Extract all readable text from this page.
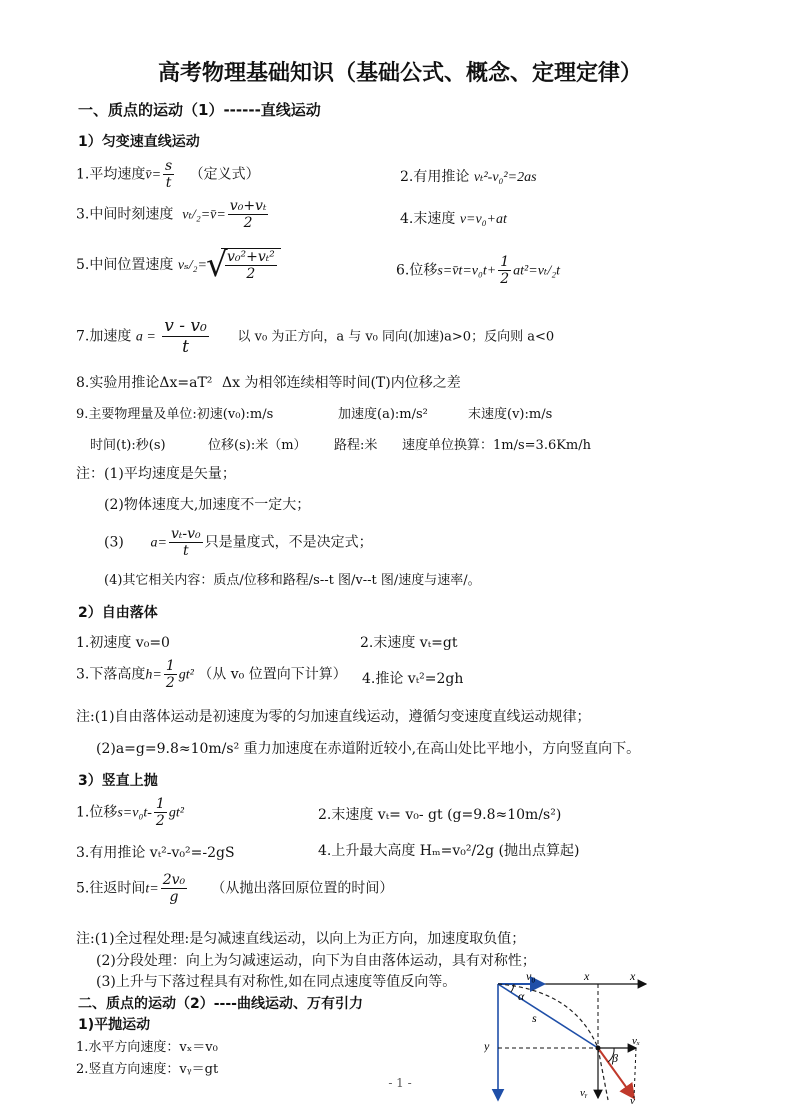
高考物理基础知识（基础公式、概念、定理定律）
一、质点的运动（1）------直线运动
1）匀变速直线运动
1.平均速度v̄= $\frac{s}{t}$ （定义式）	2.有用推论 vₜ²-v₀²=2as
3.中间时刻速度 vₜ/₂=v̄= $\frac{\text{v₀+vₜ}}{2}$	4.末速度 v=v₀+at
5.中间位置速度 vₛ/₂=
√ $\frac{\text{v₀²+vₜ²}}{2}$	6.位移s=v̄t=v₀t+ $\frac{1}{2} at^2=v_t/_2t$
7.加速度 $a = \frac{\text{v - v₀}}{t}$ 以 v₀ 为正方向，a 与 v₀ 同向(加速)a>0；反向则 a<0
8.实验用推论Δx=aT² Δx 为相邻连续相等时间(T)内位移之差
9.主要物理量及单位:初速(v₀):m/s	加速度(a):m/s²	末速度(v):m/s
时间(t):秒(s)	位移(s):米（m） 路程:米 速度单位换算：1m/s=3.6Km/h
注：(1)平均速度是矢量；
(2)物体速度大,加速度不一定大；
(3) $a= \frac{\text{vₜ-v₀}}{t}$ 只是量度式，不是决定式；
(4)其它相关内容：质点/位移和路程/s--t 图/v--t 图/速度与速率/。
2）自由落体
1.初速度 v₀=0	2.末速度 vₜ=gt
3.下落高度$h= \frac{1}{2} gt^2$ （从 v₀ 位置向下计算） 4.推论 vₜ²=2gh
注:(1)自由落体运动是初速度为零的匀加速直线运动，遵循匀变速度直线运动规律；
(2)a=g=9.8≈10m/s² 重力加速度在赤道附近较小,在高山处比平地小，方向竖直向下。
3）竖直上抛
1.位移$s=v_0t- \frac{1}{2} gt^2$	2.末速度 vₜ= v₀- gt (g=9.8≈10m/s²)
3.有用推论 vₜ²-v₀²=-2gS	4.上升最大高度 Hₘ=v₀²/2g (抛出点算起)
5.往返时间$t= \frac{\text{2v₀}}{g}$ （从抛出落回原位置的时间）
注:(1)全过程处理:是匀减速直线运动，以向上为正方向，加速度取负值；
(2)分段处理：向上为匀减速运动，向下为自由落体运动，具有对称性；
(3)上升与下落过程具有对称性,如在同点速度等值反向等。
二、质点的运动（2）----曲线运动、万有引力
1)平抛运动
1.水平方向速度：vₓ＝v₀
2.竖直方向速度：vᵧ＝gt
v₀	x	x
α
s
y	vₓ
β
vᵧ
v
- 1 -
